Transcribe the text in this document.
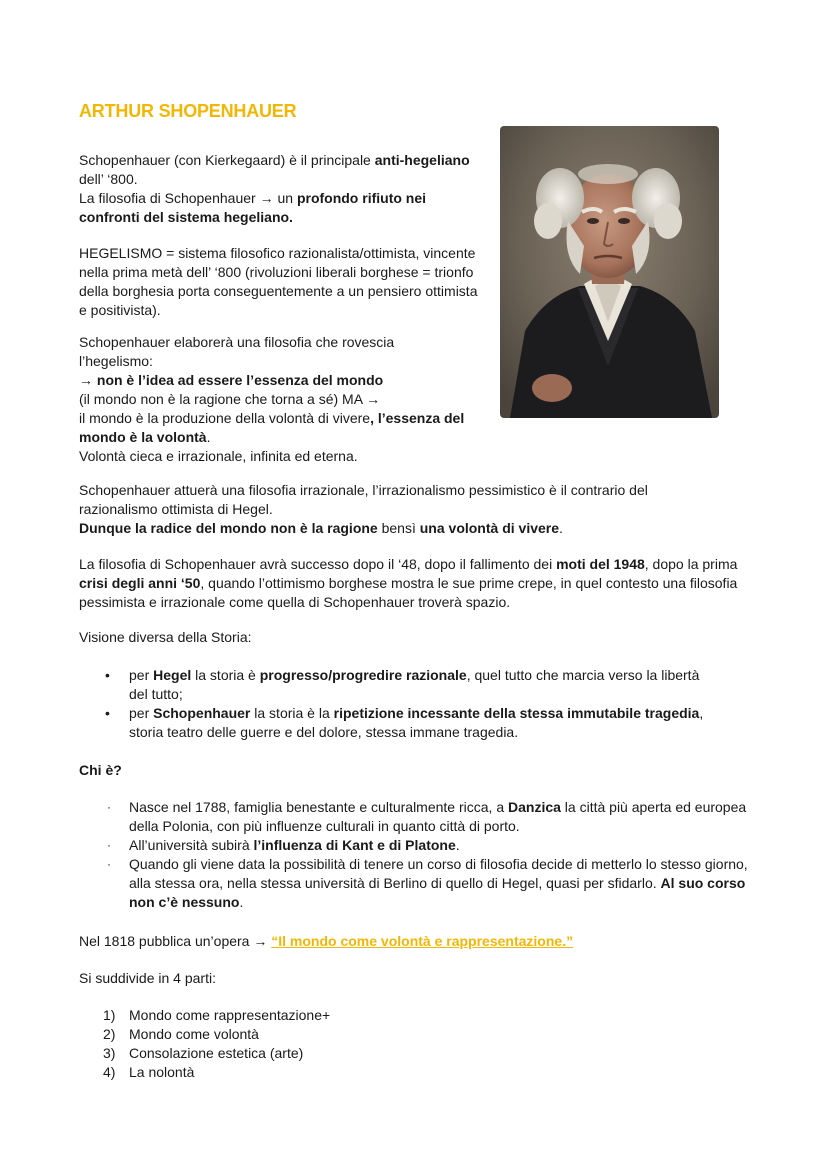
ARTHUR SHOPENHAUER

Schopenhauer (con Kierkegaard) è il principale anti-hegeliano dell’ ‘800.

La filosofia di Schopenhauer → un profondo rifiuto nei confronti del sistema hegeliano.

HEGELISMO = sistema filosofico razionalista/ottimista, vincente nella prima metà dell’ ‘800 (rivoluzioni liberali borghese = trionfo della borghesia porta conseguentemente a un pensiero ottimista e positivista).

Schopenhauer elaborerà una filosofia che rovescia l’hegelismo:
→ non è l’idea ad essere l’essenza del mondo
(il mondo non è la ragione che torna a sé) MA →
il mondo è la produzione della volontà di vivere, l’essenza del mondo è la volontà.
Volontà cieca e irrazionale, infinita ed eterna.
Schopenhauer attuerà una filosofia irrazionale, l’irrazionalismo pessimistico è il contrario del razionalismo ottimista di Hegel.
Dunque la radice del mondo non è la ragione bensì una volontà di vivere.

La filosofia di Schopenhauer avrà successo dopo il ‘48, dopo il fallimento dei moti del 1948, dopo la prima crisi degli anni ‘50, quando l’ottimismo borghese mostra le sue prime crepe, in quel contesto una filosofia pessimista e irrazionale come quella di Schopenhauer troverà spazio.

Visione diversa della Storia:

• per Hegel la storia è progresso/progredire razionale, quel tutto che marcia verso la libertà del tutto;
• per Schopenhauer la storia è la ripetizione incessante della stessa immutabile tragedia, storia teatro delle guerre e del dolore, stessa immane tragedia.

Chi è?

· Nasce nel 1788, famiglia benestante e culturalmente ricca, a Danzica la città più aperta ed europea della Polonia, con più influenze culturali in quanto città di porto.
· All’università subirà l’influenza di Kant e di Platone.
· Quando gli viene data la possibilità di tenere un corso di filosofia decide di metterlo lo stesso giorno, alla stessa ora, nella stessa università di Berlino di quello di Hegel, quasi per sfidarlo. Al suo corso non c’è nessuno.

Nel 1818 pubblica un’opera → “Il mondo come volontà e rappresentazione.”

Si suddivide in 4 parti:

1) Mondo come rappresentazione+
2) Mondo come volontà
3) Consolazione estetica (arte)
4) La nolontà
